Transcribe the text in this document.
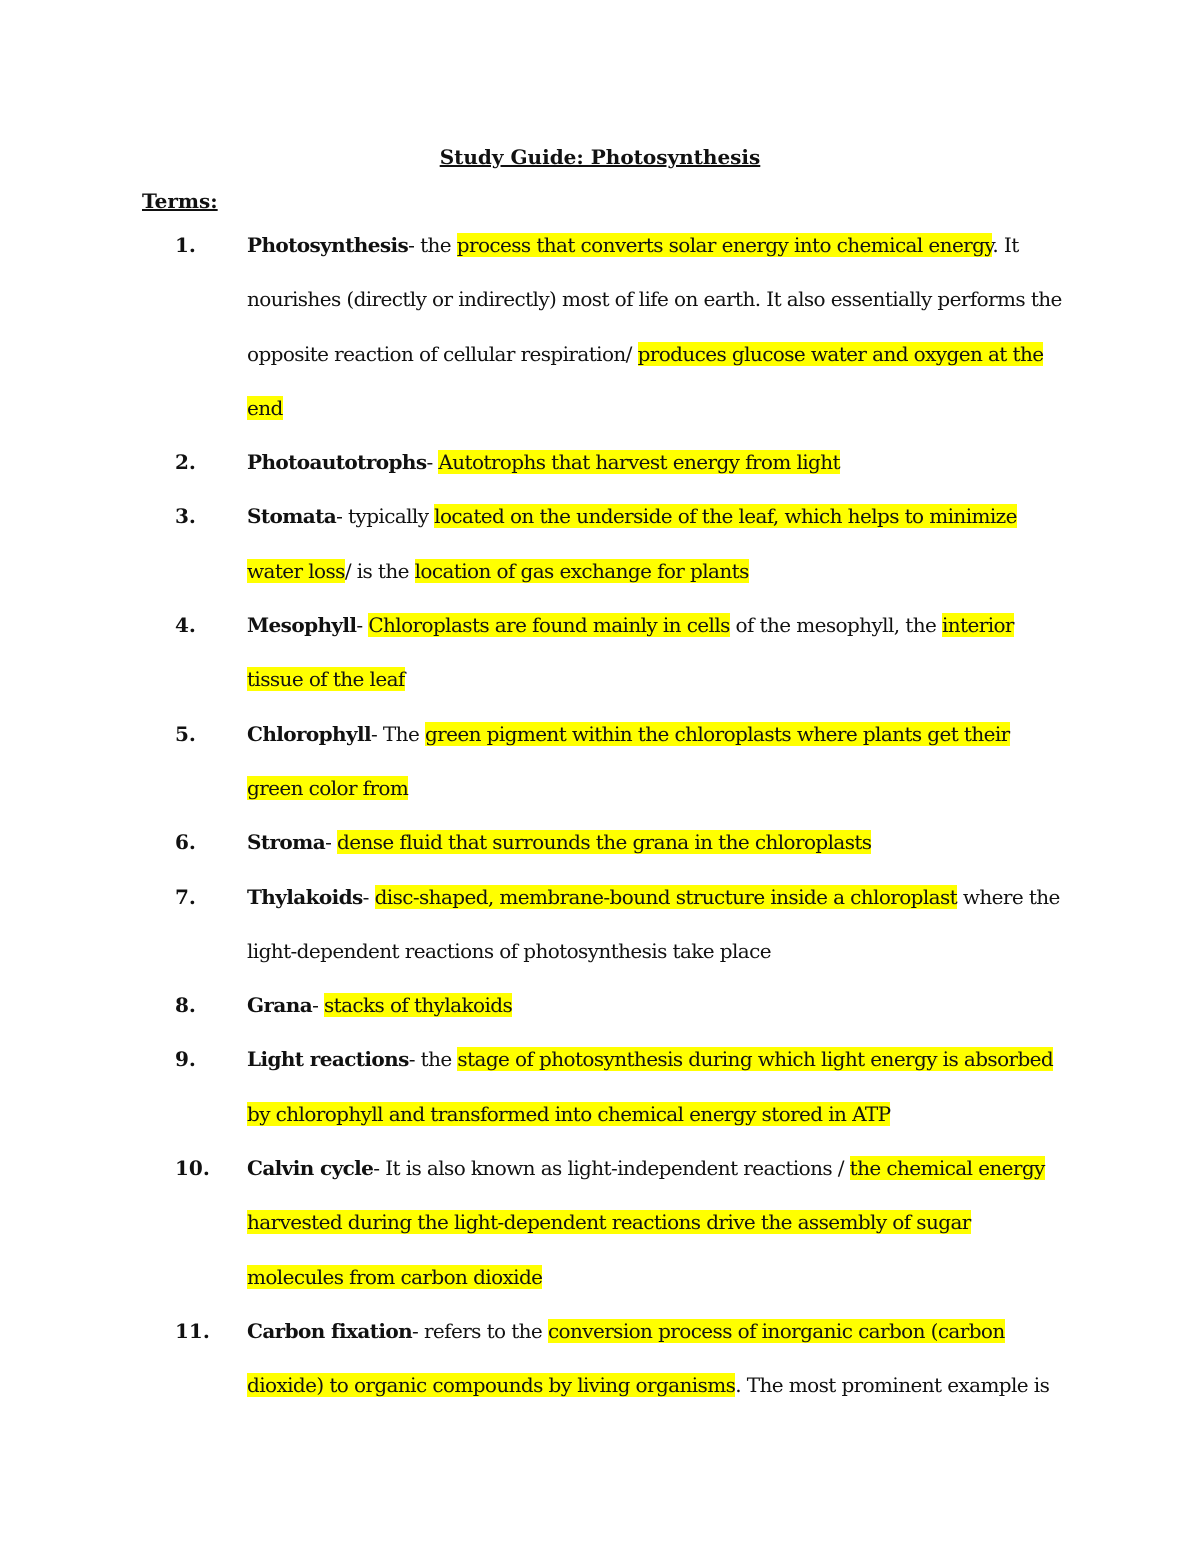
Study Guide: Photosynthesis
Terms:
1.	Photosynthesis- the process that converts solar energy into chemical energy. It nourishes (directly or indirectly) most of life on earth. It also essentially performs the opposite reaction of cellular respiration/ produces glucose water and oxygen at the end
2.	Photoautotrophs- Autotrophs that harvest energy from light
3.	Stomata- typically located on the underside of the leaf, which helps to minimize water loss/ is the location of gas exchange for plants
4.	Mesophyll- Chloroplasts are found mainly in cells of the mesophyll, the interior tissue of the leaf
5.	Chlorophyll- The green pigment within the chloroplasts where plants get their green color from
6.	Stroma- dense fluid that surrounds the grana in the chloroplasts
7.	Thylakoids- disc-shaped, membrane-bound structure inside a chloroplast where the light-dependent reactions of photosynthesis take place
8.	Grana- stacks of thylakoids
9.	Light reactions- the stage of photosynthesis during which light energy is absorbed by chlorophyll and transformed into chemical energy stored in ATP
10. Calvin cycle- It is also known as light-independent reactions / the chemical energy harvested during the light-dependent reactions drive the assembly of sugar molecules from carbon dioxide
11. Carbon fixation- refers to the conversion process of inorganic carbon (carbon dioxide) to organic compounds by living organisms. The most prominent example is
